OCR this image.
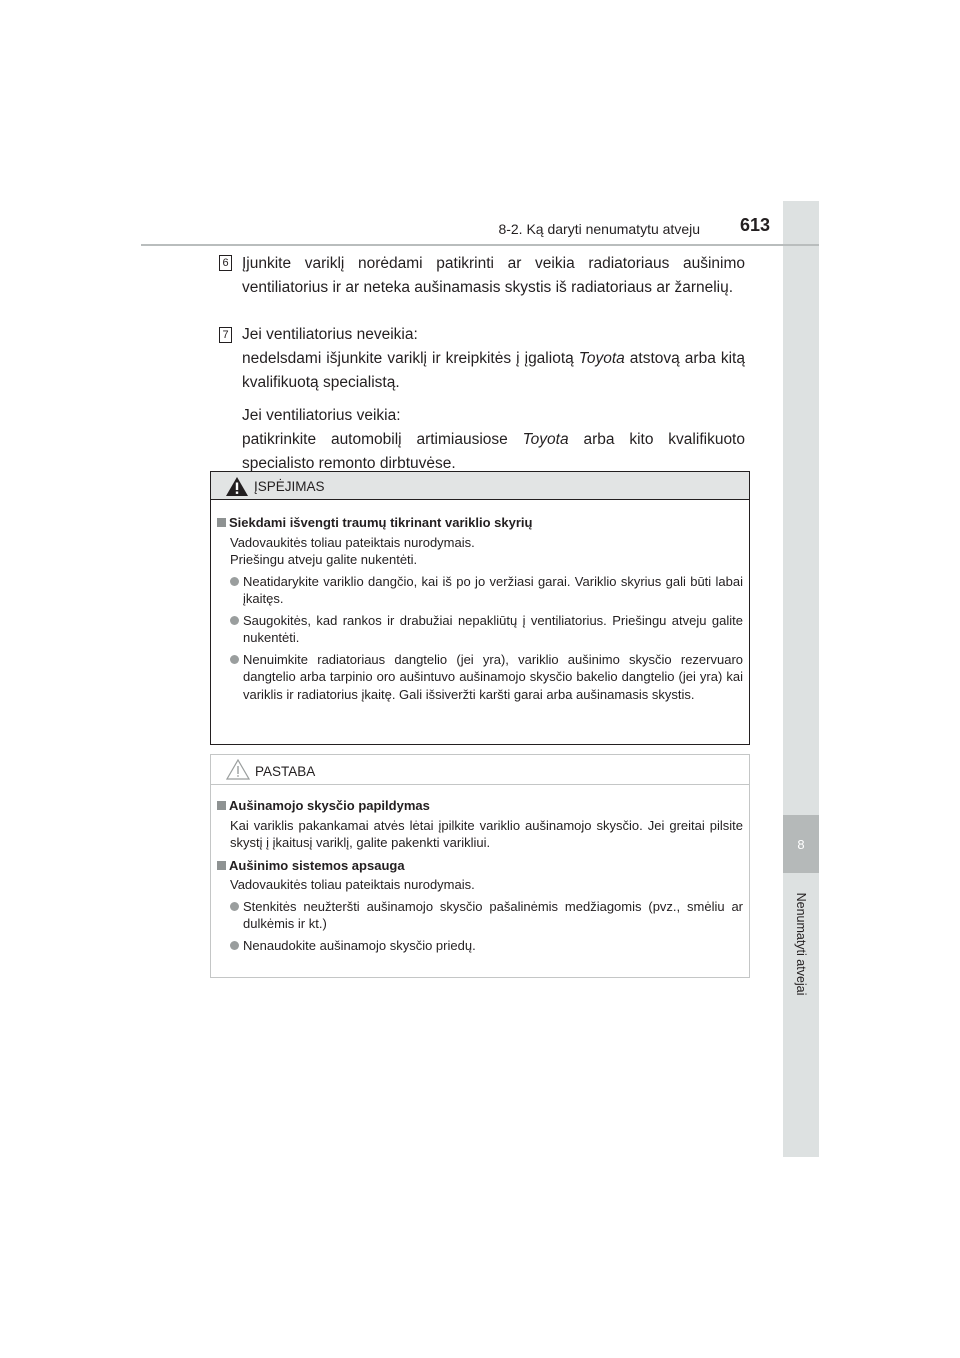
8
Nenumatyti atvejai
8-2. Ką daryti nenumatytu atveju 613
6 Įjunkite variklį norėdami patikrinti ar veikia radiatoriaus aušinimo ventiliatorius ir ar neteka aušinamasis skystis iš radiatoriaus ar žarnelių.

7 Jei ventiliatorius neveikia:

nedelsdami išjunkite variklį ir kreipkitės į įgaliotą Toyota atstovą arba kitą kvalifikuotą specialistą.

Jei ventiliatorius veikia:

patikrinkite automobilį artimiausiose Toyota arba kito kvalifikuoto specialisto remonto dirbtuvėse.

ĮSPĖJIMAS
Siekdami išvengti traumų tikrinant variklio skyrių
Vadovaukitės toliau pateiktais nurodymais.
Priešingu atveju galite nukentėti.
Neatidarykite variklio dangčio, kai iš po jo veržiasi garai. Variklio skyrius gali būti labai įkaitęs.
Saugokitės, kad rankos ir drabužiai nepakliūtų į ventiliatorius. Priešingu atveju galite nukentėti.
Nenuimkite radiatoriaus dangtelio (jei yra), variklio aušinimo skysčio rezervuaro dangtelio arba tarpinio oro aušintuvo aušinamojo skysčio bakelio dangtelio (jei yra) kai variklis ir radiatorius įkaitę. Gali išsiveržti karšti garai arba aušinamasis skystis.
PASTABA
Aušinamojo skysčio papildymas
Kai variklis pakankamai atvės lėtai įpilkite variklio aušinamojo skysčio. Jei greitai pilsite skystį į įkaitusį variklį, galite pakenkti varikliui.
Aušinimo sistemos apsauga
Vadovaukitės toliau pateiktais nurodymais.
Stenkitės neužteršti aušinamojo skysčio pašalinėmis medžiagomis (pvz., smėliu ar dulkėmis ir kt.)
Nenaudokite aušinamojo skysčio priedų.
